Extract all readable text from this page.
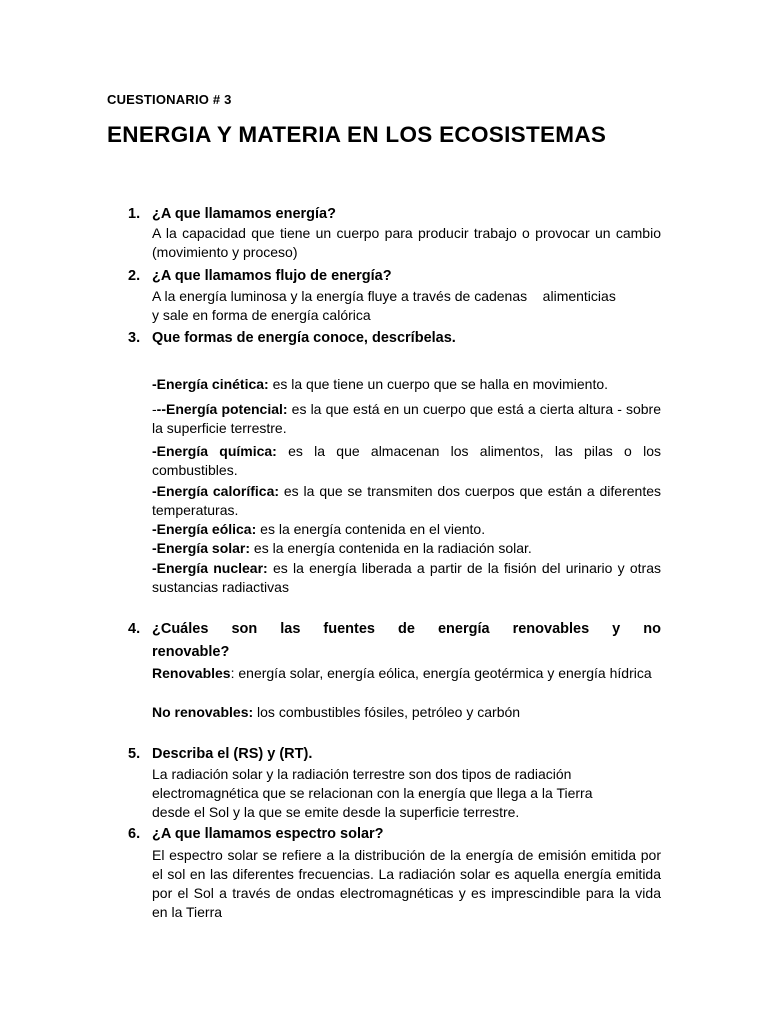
CUESTIONARIO # 3
ENERGIA Y MATERIA EN LOS ECOSISTEMAS
1. ¿A que llamamos energía?
A la capacidad que tiene un cuerpo para producir trabajo o provocar un cambio (movimiento y proceso)
2. ¿A que llamamos flujo de energía?
A la energía luminosa y la energía fluye a través de cadenas    alimenticias
y sale en forma de energía calórica
3. Que formas de energía conoce, descríbelas.
-Energía cinética: es la que tiene un cuerpo que se halla en movimiento.
---Energía potencial: es la que está en un cuerpo que está a cierta altura - sobre la superficie terrestre.
-Energía química: es la que almacenan los alimentos, las pilas o los combustibles.
-Energía calorífica: es la que se transmiten dos cuerpos que están a diferentes temperaturas.
-Energía eólica: es la energía contenida en el viento.
-Energía solar: es la energía contenida en la radiación solar.
-Energía nuclear: es la energía liberada a partir de la fisión del urinario y otras sustancias radiactivas
4. ¿Cuáles son las fuentes de energía renovables y no
renovable?
Renovables: energía solar, energía eólica, energía geotérmica y energía hídrica
No renovables: los combustibles fósiles, petróleo y carbón
5. Describa el (RS) y (RT).
La radiación solar y la radiación terrestre son dos tipos de radiación
electromagnética que se relacionan con la energía que llega a la Tierra
desde el Sol y la que se emite desde la superficie terrestre.
6. ¿A que llamamos espectro solar?
El espectro solar se refiere a la distribución de la energía de emisión emitida por el sol en las diferentes frecuencias. La radiación solar es aquella energía emitida por el Sol a través de ondas electromagnéticas y es imprescindible para la vida en la Tierra
